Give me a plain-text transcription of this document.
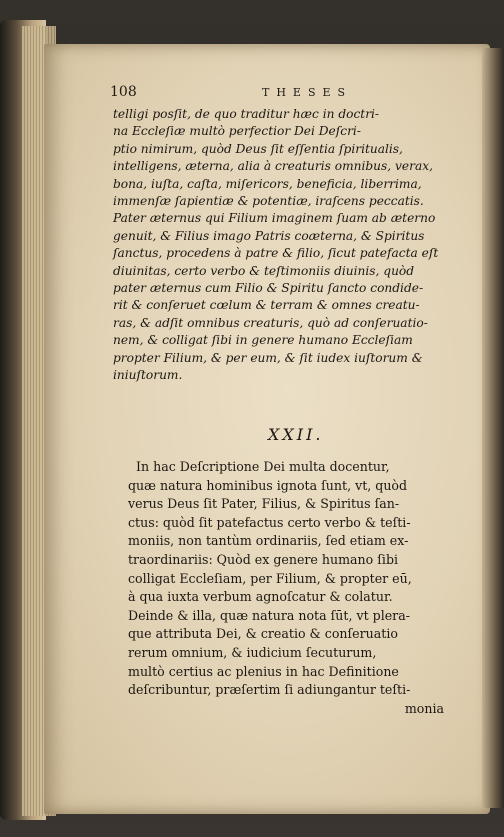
108	THESES
telligi posſit, de quo traditur hæc in doctri-
na Eccleſiæ multò perfectior Dei Deſcri-
ptio nimirum, quòd Deus ſit eſſentia ſpiritualis,
intelligens, æterna, alia à creaturis omnibus, verax,
bona, iuſta, caſta, miſericors, beneficia, liberrima,
immenſæ ſapientiæ & potentiæ, iraſcens peccatis.
Pater æternus qui Filium imaginem ſuam ab æterno
genuit, & Filius imago Patris coæterna, & Spiritus
ſanctus, procedens à patre & filio, ſicut patefacta eſt
diuinitas, certo verbo & teſtimoniis diuinis, quòd
pater æternus cum Filio & Spiritu ſancto condide-
rit & conſeruet cœlum & terram & omnes creatu-
ras, & adſit omnibus creaturis, quò ad conſeruatio-
nem, & colligat ſibi in genere humano Eccleſiam
propter Filium, & per eum, & ſit iudex iuſtorum &
iniuſtorum.
XXII.
In hac Deſcriptione Dei multa docentur,
quæ natura hominibus ignota ſunt, vt, quòd
verus Deus ſit Pater, Filius, & Spiritus ſan-
ctus: quòd ſit patefactus certo verbo & teſti-
moniis, non tantùm ordinariis, ſed etiam ex-
traordinariis: Quòd ex genere humano ſibi
colligat Eccleſiam, per Filium, & propter eū,
à qua iuxta verbum agnoſcatur & colatur.
Deinde & illa, quæ natura nota ſūt, vt plera-
que attributa Dei, & creatio & conſeruatio
rerum omnium, & iudicium ſecuturum,
multò certius ac plenius in hac Definitione
deſcribuntur, præſertim ſi adiungantur teſti-
monia
